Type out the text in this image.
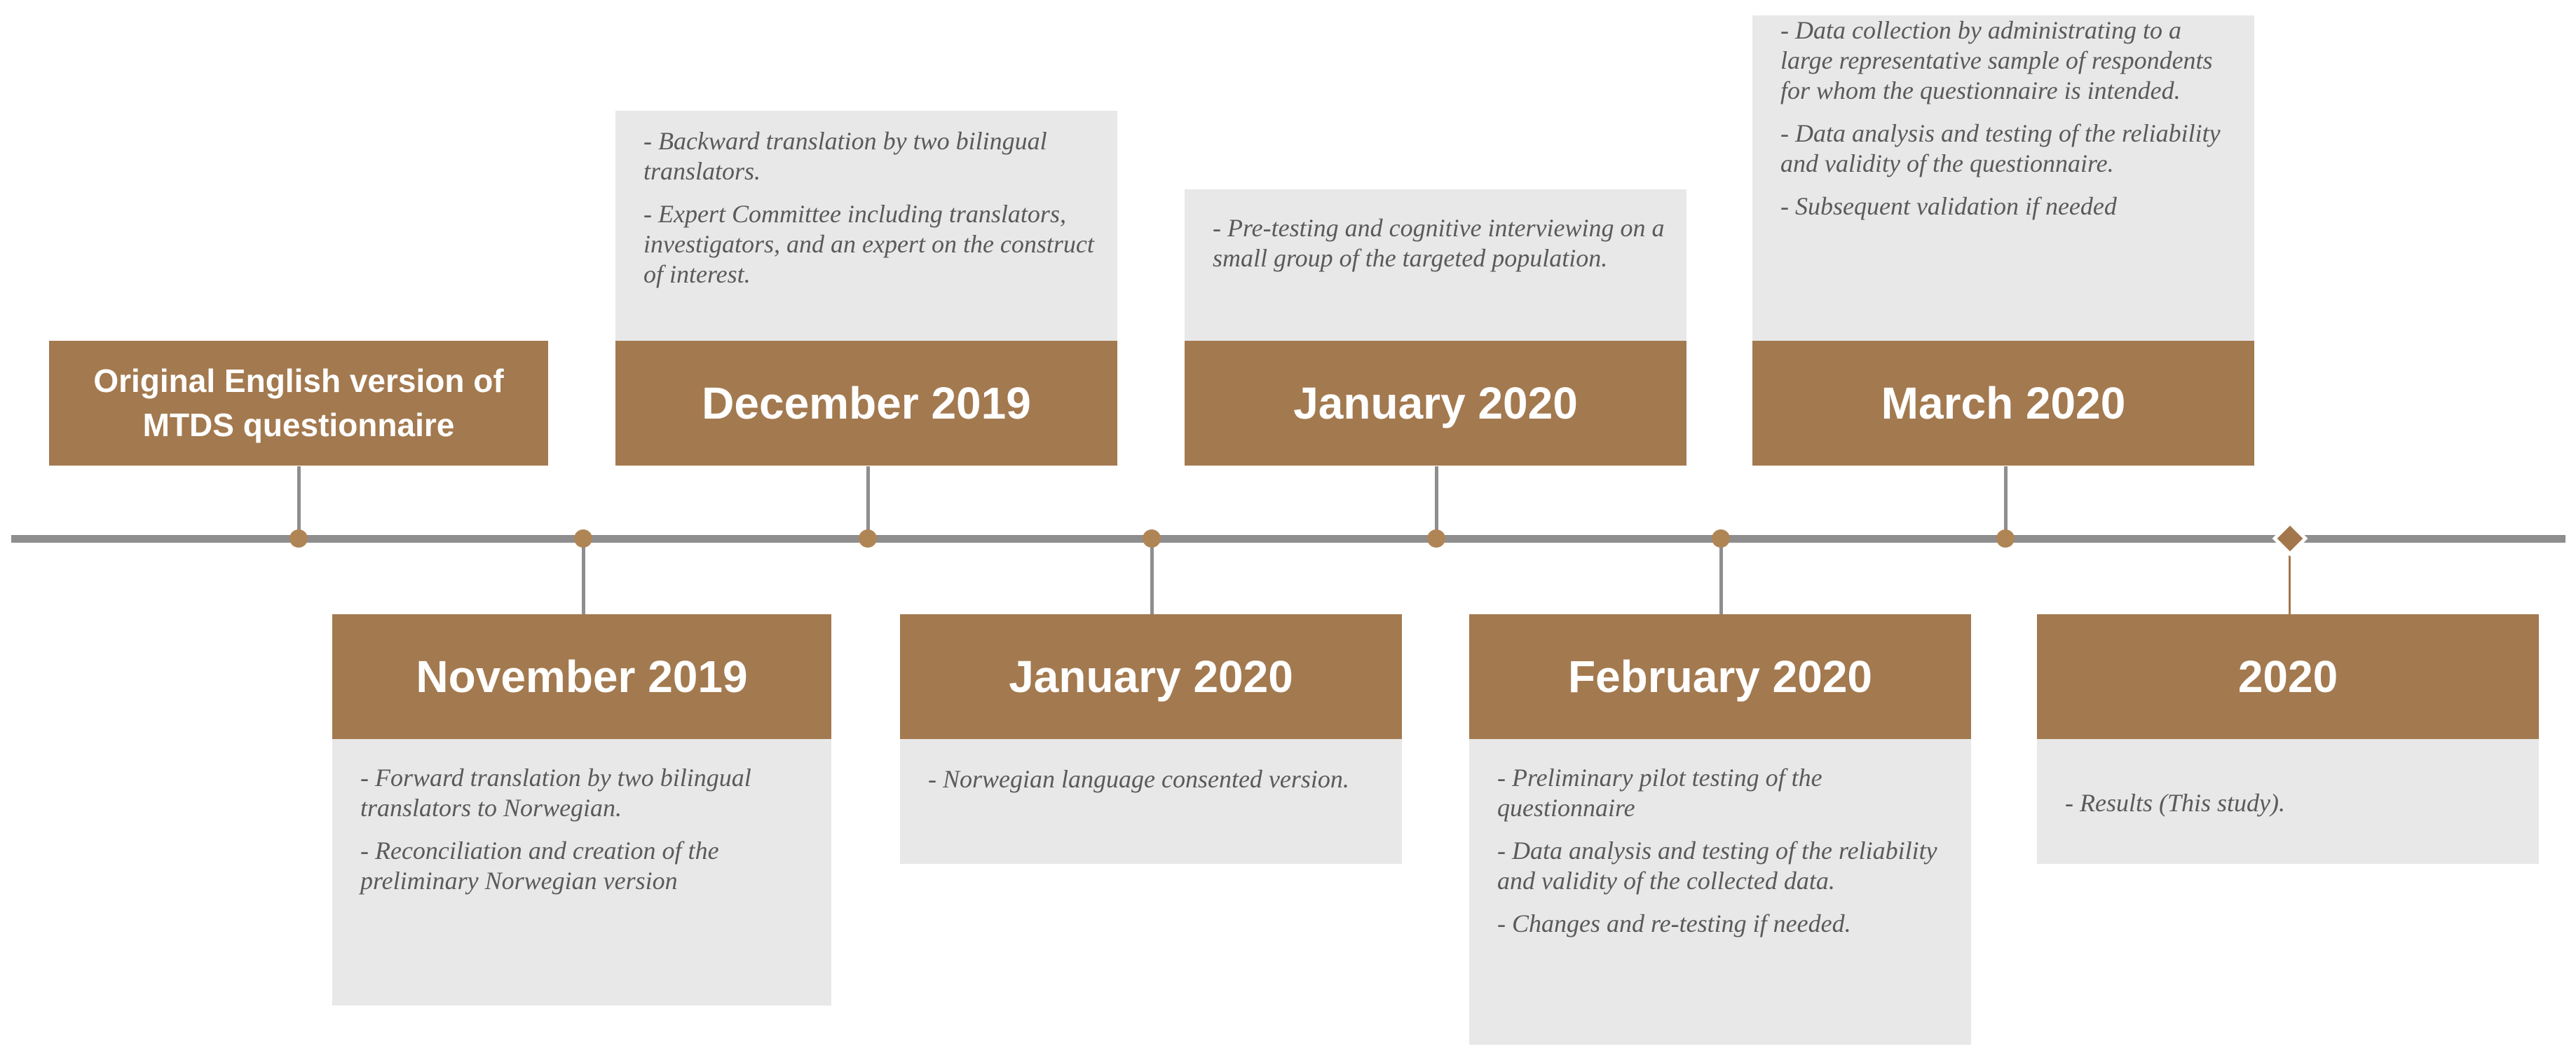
Original English version of MTDS questionnaire

- Backward translation by two bilingual translators.

- Expert Committee including translators, investigators, and an expert on the construct of interest.

December 2019

- Pre-testing and cognitive interviewing on a small group of the targeted population.

January 2020

- Data collection by administrating to a large representative sample of respondents for whom the questionnaire is intended.

- Data analysis and testing of the reliability and validity of the questionnaire.

- Subsequent validation if needed

March 2020
November 2019

- Forward translation by two bilingual translators to Norwegian.

- Reconciliation and creation of the preliminary Norwegian version

January 2020

- Norwegian language consented version.

February 2020

- Preliminary pilot testing of the questionnaire

- Data analysis and testing of the reliability and validity of the collected data.

- Changes and re-testing if needed.

2020

- Results (This study).
